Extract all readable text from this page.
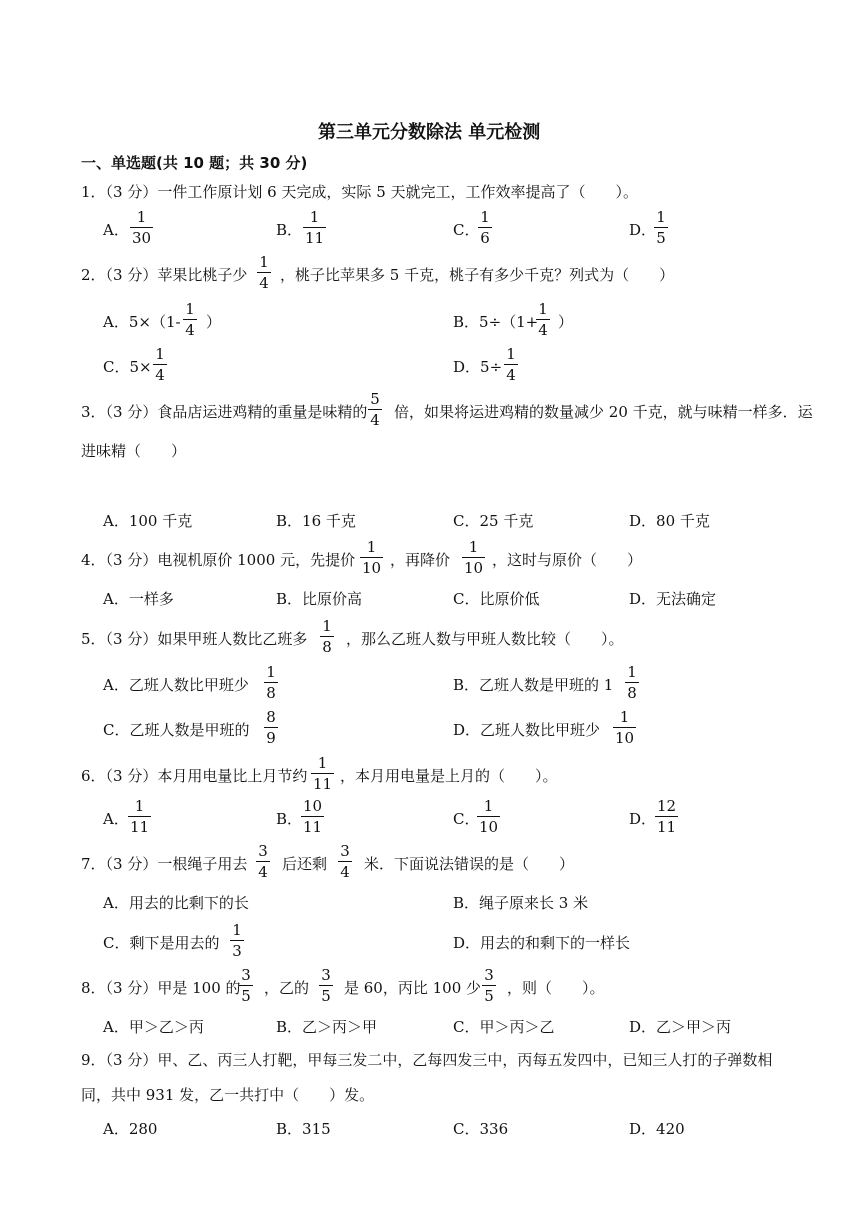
第三单元分数除法 单元检测
一、单选题(共 10 题；共 30 分)
1．（3 分）一件工作原计划 6 天完成，实际 5 天就完工，工作效率提高了（　　）。
A．
1
30	B．
1
11	C．
1
6	D．
1
5
2．（3 分）苹果比桃子少
1
4 ，桃子比苹果多 5 千克，桃子有多少千克？列式为（　　）
A．5×（1-
1
4 ）	B．5÷（1+
1
4 ）
C．5×
1
4	D．5÷
1
4
3．（3 分）食品店运进鸡精的重量是味精的
5
4 倍，如果将运进鸡精的数量减少 20 千克，就与味精一样多．运
进味精（　　）
A．100 千克	B．16 千克	C．25 千克	D．80 千克
4．（3 分）电视机原价 1000 元，先提价
1
10 ，再降价
1
10 ，这时与原价（　　）
A．一样多	B．比原价高	C．比原价低	D．无法确定
5．（3 分）如果甲班人数比乙班多
1
8 ，那么乙班人数与甲班人数比较（　　）。
A．乙班人数比甲班少
1
8	B．乙班人数是甲班的 1
1
8
C．乙班人数是甲班的
8
9	D．乙班人数比甲班少
1
10
6．（3 分）本月用电量比上月节约
1
11 ，本月用电量是上月的（　　）。
A．
1
11	B．
10
11	C．
1
10	D．
12
11
7．（3 分）一根绳子用去
3
4 后还剩
3
4 米．下面说法错误的是（　　）
A．用去的比剩下的长	B．绳子原来长 3 米
C．剩下是用去的
1
3	D．用去的和剩下的一样长
8．（3 分）甲是 100 的
3
5 ，乙的
3
5 是 60，丙比 100 少
3
5 ，则（　　）。
A．甲＞乙＞丙	B．乙＞丙＞甲	C．甲＞丙＞乙	D．乙＞甲＞丙
9．（3 分）甲、乙、丙三人打靶，甲每三发二中，乙每四发三中，丙每五发四中，已知三人打的子弹数相
同，共中 931 发，乙一共打中（　　）发。
A．280	B．315	C．336	D．420
